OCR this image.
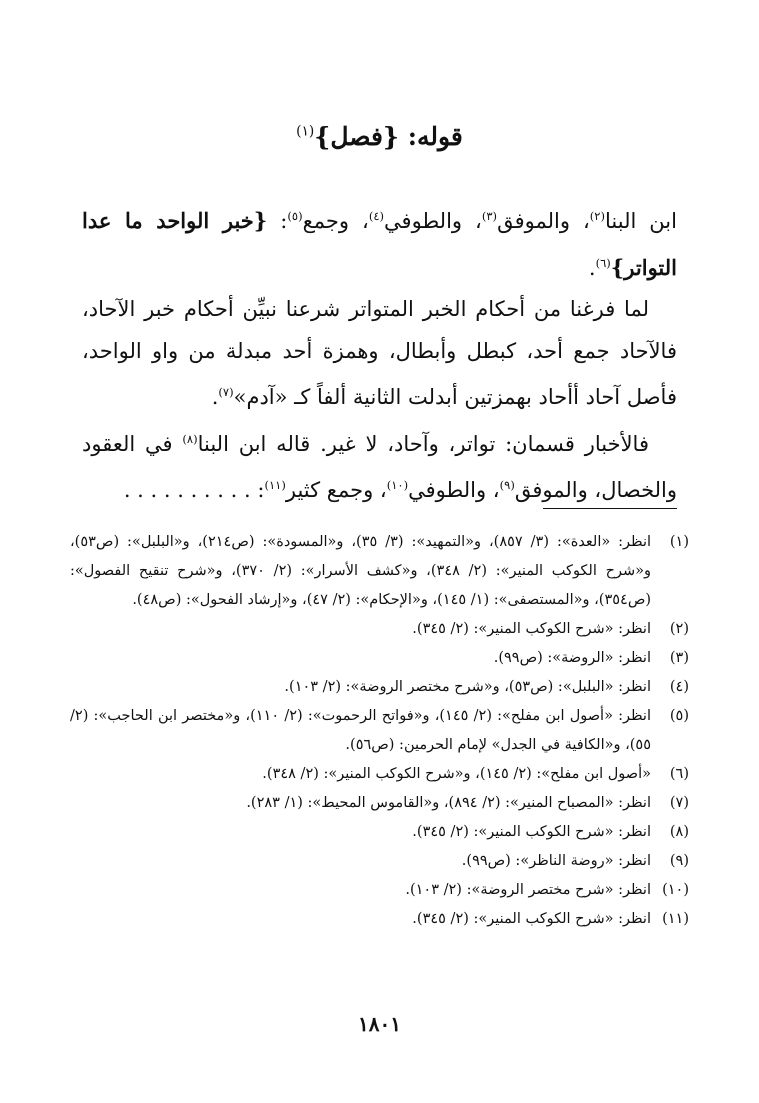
قوله: {فصل}$^{(١)}$

ابن البنا$^{(٢)}$، والموفق$^{(٣)}$، والطوفي$^{(٤)}$، وجمع$^{(٥)}$: {خبر الواحد ما عدا التواتر}$^{(٦)}$.

لما فرغنا من أحكام الخبر المتواتر شرعنا نبيِّن أحكام خبر الآحاد، فالآحاد جمع أحد، كبطل وأبطال، وهمزة أحد مبدلة من واو الواحد، فأصل آحاد أأحاد بهمزتين أبدلت الثانية ألفاً كـ «آدم»$^{(٧)}$.

فالأخبار قسمان: تواتر، وآحاد، لا غير. قاله ابن البنا$^{(٨)}$ في العقود والخصال، والموفق$^{(٩)}$، والطوفي$^{(١٠)}$، وجمع كثير$^{(١١)}$: . . . . . . . . . .

(١)
انظر: «العدة»: (٣/ ٨٥٧)، و«التمهيد»: (٣/ ٣٥)، و«المسودة»: (ص٢١٤)، و«البلبل»: (ص٥٣)، و«شرح الكوكب المنير»: (٢/ ٣٤٨)، و«كشف الأسرار»: (٢/ ٣٧٠)، و«شرح تنقيح الفصول»: (ص٣٥٤)، و«المستصفى»: (١/ ١٤٥)، و«الإحكام»: (٢/ ٤٧)، و«إرشاد الفحول»: (ص٤٨).
(٢)
انظر: «شرح الكوكب المنير»: (٢/ ٣٤٥).
(٣)
انظر: «الروضة»: (ص٩٩).
(٤)
انظر: «البلبل»: (ص٥٣)، و«شرح مختصر الروضة»: (٢/ ١٠٣).
(٥)
انظر: «أصول ابن مفلح»: (٢/ ١٤٥)، و«فواتح الرحموت»: (٢/ ١١٠)، و«مختصر ابن الحاجب»: (٢/ ٥٥)، و«الكافية في الجدل» لإمام الحرمين: (ص٥٦).
(٦)
«أصول ابن مفلح»: (٢/ ١٤٥)، و«شرح الكوكب المنير»: (٢/ ٣٤٨).
(٧)
انظر: «المصباح المنير»: (٢/ ٨٩٤)، و«القاموس المحيط»: (١/ ٢٨٣).
(٨)
انظر: «شرح الكوكب المنير»: (٢/ ٣٤٥).
(٩)
انظر: «روضة الناظر»: (ص٩٩).
(١٠)
انظر: «شرح مختصر الروضة»: (٢/ ١٠٣).
(١١)
انظر: «شرح الكوكب المنير»: (٢/ ٣٤٥).
١٨٠١
